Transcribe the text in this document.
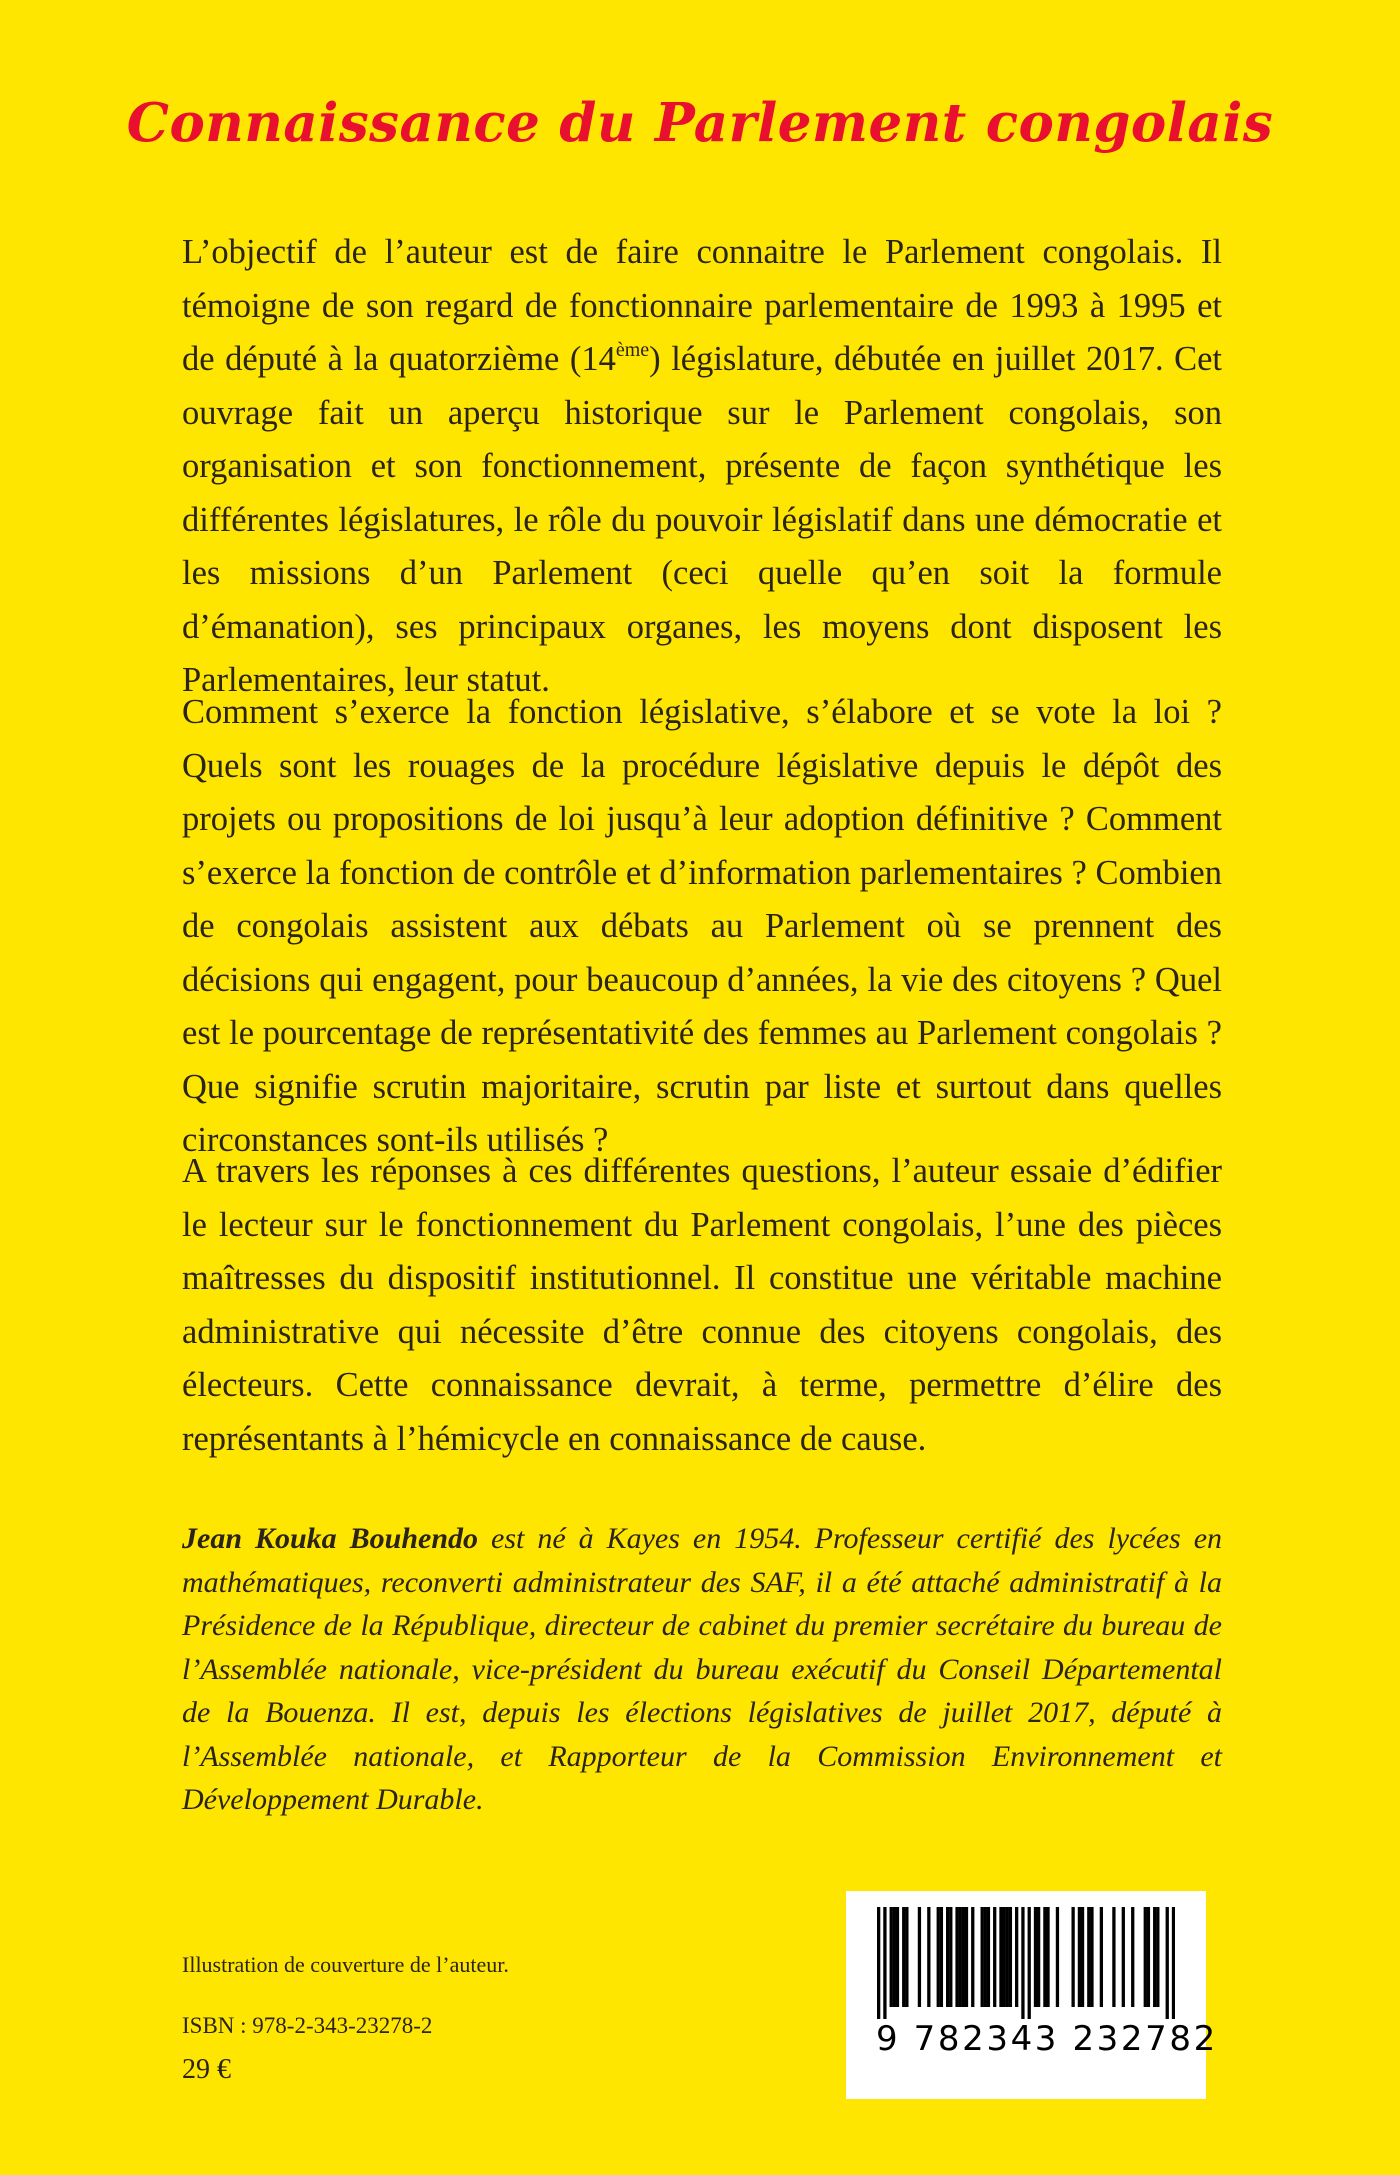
Connaissance du Parlement congolais

L’objectif de l’auteur est de faire connaitre le Parlement congolais. Il témoigne de son regard de fonctionnaire parlementaire de 1993 à 1995 et de député à la quatorzième (14ème) législature, débutée en juillet 2017. Cet ouvrage fait un aperçu historique sur le Parlement congolais, son organisation et son fonctionnement, présente de façon synthétique les différentes législatures, le rôle du pouvoir législatif dans une démocratie et les missions d’un Parlement (ceci quelle qu’en soit la formule d’émanation), ses principaux organes, les moyens dont disposent les Parlementaires, leur statut.

Comment s’exerce la fonction législative, s’élabore et se vote la loi ? Quels sont les rouages de la procédure législative depuis le dépôt des projets ou propositions de loi jusqu’à leur adoption définitive ? Comment s’exerce la fonction de contrôle et d’information parlementaires ? Combien de congolais assistent aux débats au Parlement où se prennent des décisions qui engagent, pour beaucoup d’années, la vie des citoyens ? Quel est le pourcentage de représentativité des femmes au Parlement congolais ? Que signifie scrutin majoritaire, scrutin par liste et surtout dans quelles circonstances sont-ils utilisés ?

A travers les réponses à ces différentes questions, l’auteur essaie d’édifier le lecteur sur le fonctionnement du Parlement congolais, l’une des pièces maîtresses du dispositif institutionnel. Il constitue une véritable machine administrative qui nécessite d’être connue des citoyens congolais, des électeurs. Cette connaissance devrait, à terme, permettre d’élire des représentants à l’hémicycle en connaissance de cause.

Jean Kouka Bouhendo est né à Kayes en 1954. Professeur certifié des lycées en mathématiques, reconverti administrateur des SAF, il a été attaché administratif à la Présidence de la République, directeur de cabinet du premier secrétaire du bureau de l’Assemblée nationale, vice-président du bureau exécutif du Conseil Départemental de la Bouenza. Il est, depuis les élections législatives de juillet 2017, député à l’Assemblée nationale, et Rapporteur de la Commission Environnement et Développement Durable.
Illustration de couverture de l’auteur.
ISBN : 978-2-343-23278-2
29 €
9 782343 232782
